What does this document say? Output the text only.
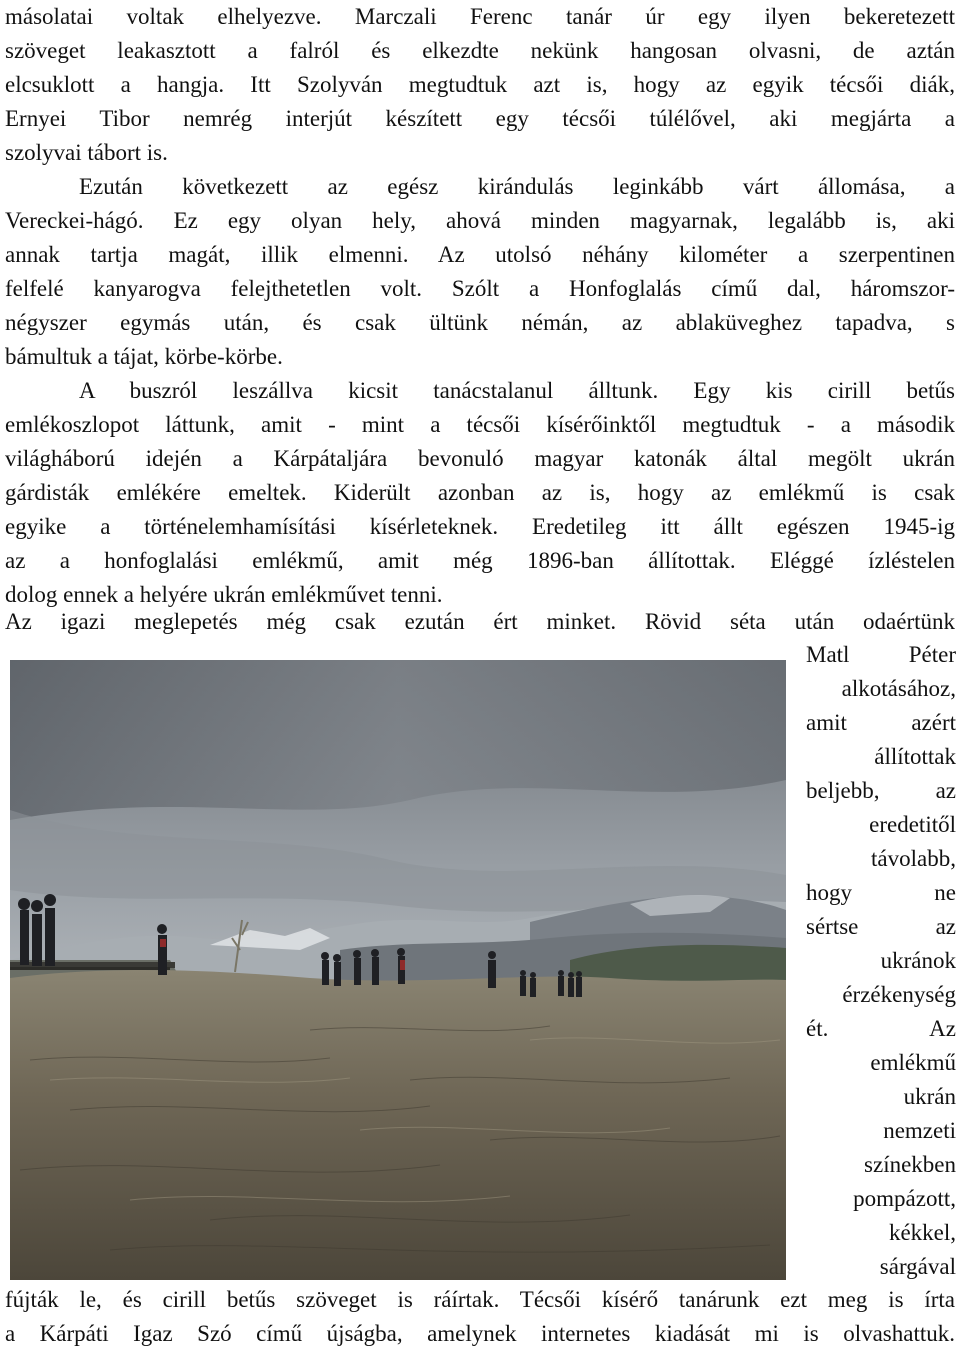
másolatai voltak elhelyezve. Marczali Ferenc tanár úr egy ilyen bekeretezett
szöveget leakasztott a falról és elkezdte nekünk hangosan olvasni, de aztán
elcsuklott a hangja. Itt Szolyván megtudtuk azt is, hogy az egyik técsői diák,
Ernyei Tibor nemrég interjút készített egy técsői túlélővel, aki megjárta a
szolyvai tábort is.
Ezután következett az egész kirándulás leginkább várt állomása, a
Vereckei-hágó. Ez egy olyan hely, ahová minden magyarnak, legalább is, aki
annak tartja magát, illik elmenni. Az utolsó néhány kilométer a szerpentinen
felfelé kanyarogva felejthetetlen volt. Szólt a Honfoglalás című dal, háromszor-
négyszer egymás után, és csak ültünk némán, az ablaküveghez tapadva, s
bámultuk a tájat, körbe-körbe.
A buszról leszállva kicsit tanácstalanul álltunk. Egy kis cirill betűs
emlékoszlopot láttunk, amit - mint a técsői kísérőinktől megtudtuk - a második
világháború idején a Kárpátaljára bevonuló magyar katonák által megölt ukrán
gárdisták emlékére emeltek. Kiderült azonban az is, hogy az emlékmű is csak
egyike a történelemhamísítási kísérleteknek. Eredetileg itt állt egészen 1945-ig
az a honfoglalási emlékmű, amit még 1896-ban állítottak. Eléggé ízléstelen
dolog ennek a helyére ukrán emlékművet tenni.
Az igazi meglepetés még csak ezután ért minket. Rövid séta után odaértünk
Matl Péter
alkotásához,
amit azért
állítottak
beljebb, az
eredetitől
távolabb,
hogy ne
sértse az
ukránok
érzékenység
ét. Az
emlékmű
ukrán
nemzeti
színekben
pompázott,
kékkel,
sárgával
fújták le, és cirill betűs szöveget is ráírtak. Técsői kísérő tanárunk ezt meg is írta
a Kárpáti Igaz Szó című újságba, amelynek internetes kiadását mi is olvashattuk.
